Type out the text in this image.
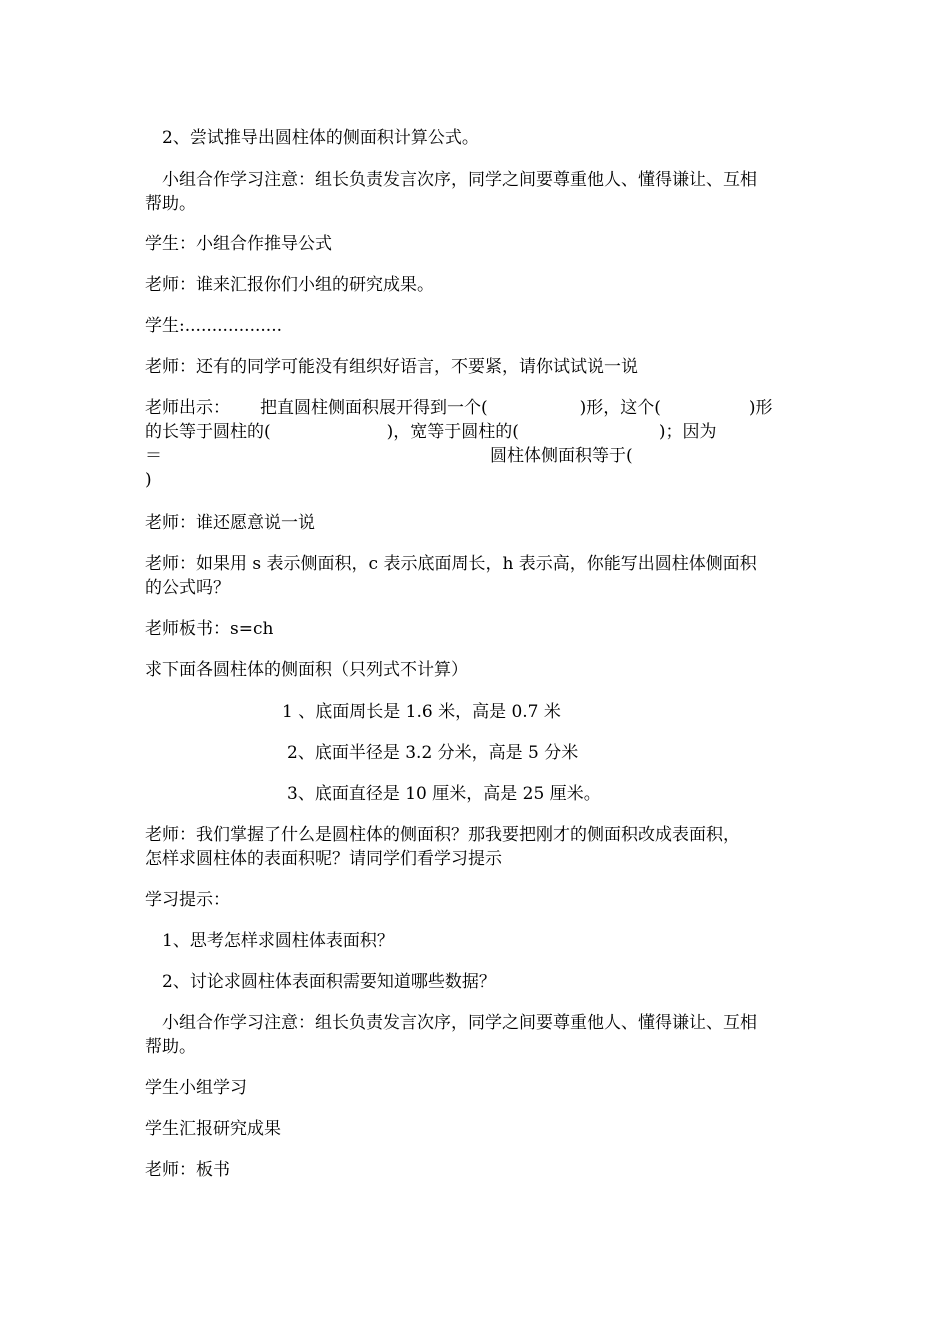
2、尝试推导出圆柱体的侧面积计算公式。

小组合作学习注意：组长负责发言次序，同学之间要尊重他人、懂得谦让、互相
帮助。

学生：小组合作推导公式

老师：谁来汇报你们小组的研究成果。

学生:..................

老师：还有的同学可能没有组织好语言，不要紧，请你试试说一说

老师出示： 把直圆柱侧面积展开得到一个(	)形，这个(	)形
的长等于圆柱的(	)，宽等于圆柱的(	)；因为
＝	圆柱体侧面积等于(
)

老师：谁还愿意说一说

老师：如果用 s 表示侧面积，c 表示底面周长，h 表示高，你能写出圆柱体侧面积
的公式吗？

老师板书：s=ch

求下面各圆柱体的侧面积（只列式不计算）

1 、底面周长是 1.6 米，高是 0.7 米

2、底面半径是 3.2 分米，高是 5 分米

3、底面直径是 10 厘米，高是 25 厘米。

老师：我们掌握了什么是圆柱体的侧面积？那我要把刚才的侧面积改成表面积，
怎样求圆柱体的表面积呢？请同学们看学习提示

学习提示：

1、思考怎样求圆柱体表面积？

2、讨论求圆柱体表面积需要知道哪些数据？

小组合作学习注意：组长负责发言次序，同学之间要尊重他人、懂得谦让、互相
帮助。

学生小组学习

学生汇报研究成果

老师：板书
